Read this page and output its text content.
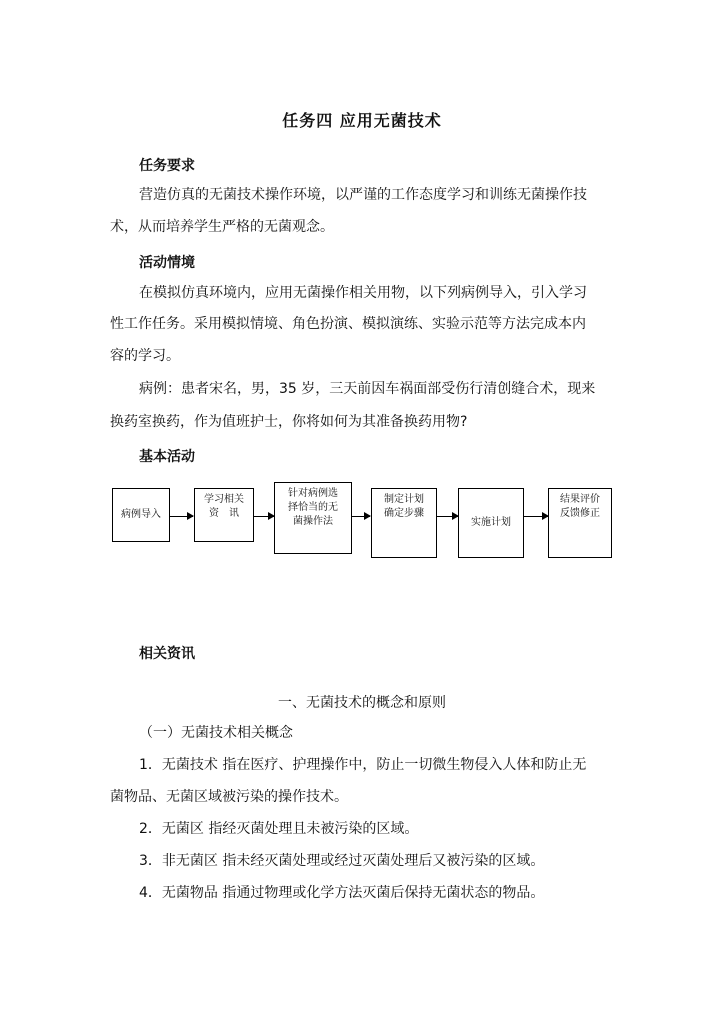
任务四 应用无菌技术
任务要求
营造仿真的无菌技术操作环境，以严谨的工作态度学习和训练无菌操作技
术，从而培养学生严格的无菌观念。
活动情境
在模拟仿真环境内，应用无菌操作相关用物，以下列病例导入，引入学习
性工作任务。采用模拟情境、角色扮演、模拟演练、实验示范等方法完成本内
容的学习。
病例：患者宋名，男，35 岁，三天前因车祸面部受伤行清创缝合术，现来
换药室换药，作为值班护士，你将如何为其准备换药用物?
基本活动
病例导入
学习相关
资　讯
针对病例选
择恰当的无
菌操作法
制定计划
确定步骤
实施计划
结果评价
反馈修正
相关资讯
一、无菌技术的概念和原则
（一）无菌技术相关概念
1．无菌技术 指在医疗、护理操作中，防止一切微生物侵入人体和防止无
菌物品、无菌区域被污染的操作技术。
2．无菌区 指经灭菌处理且未被污染的区域。
3．非无菌区 指未经灭菌处理或经过灭菌处理后又被污染的区域。
4．无菌物品 指通过物理或化学方法灭菌后保持无菌状态的物品。
